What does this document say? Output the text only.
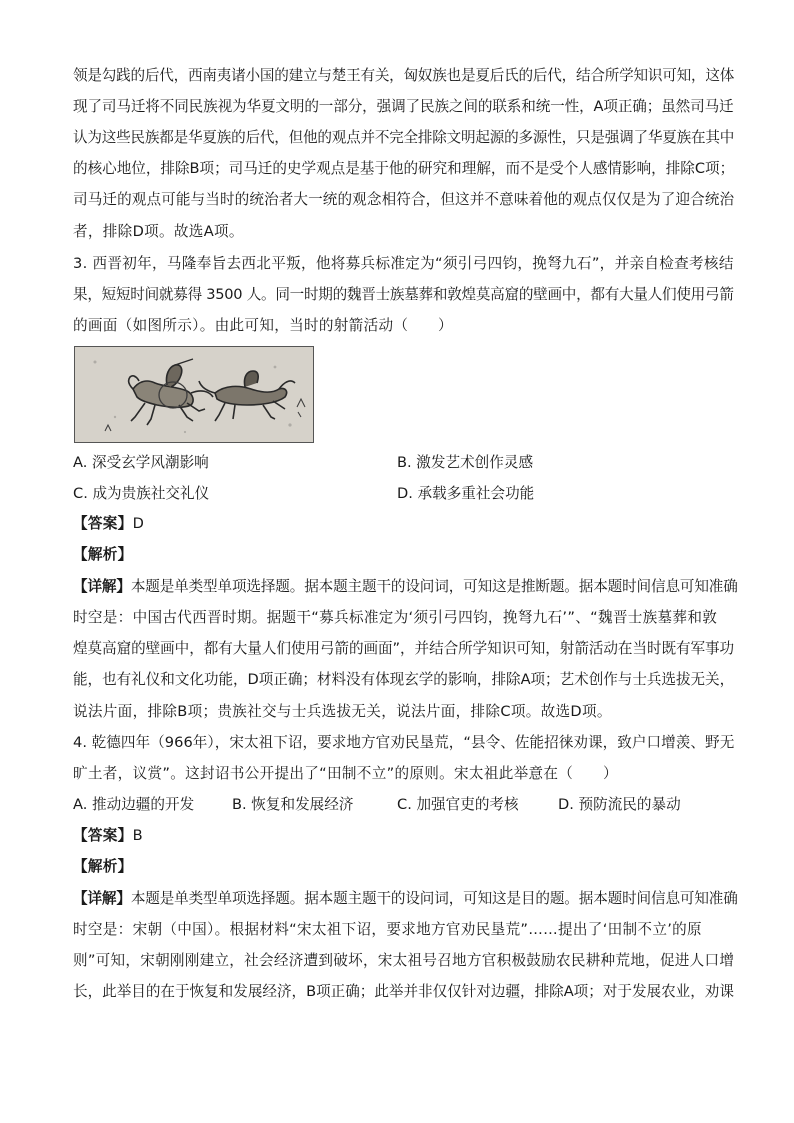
领是勾践的后代，西南夷诸小国的建立与楚王有关，匈奴族也是夏后氏的后代，结合所学知识可知，这体
现了司马迁将不同民族视为华夏文明的一部分，强调了民族之间的联系和统一性，A项正确；虽然司马迁
认为这些民族都是华夏族的后代，但他的观点并不完全排除文明起源的多源性，只是强调了华夏族在其中
的核心地位，排除B项；司马迁的史学观点是基于他的研究和理解，而不是受个人感情影响，排除C项；
司马迁的观点可能与当时的统治者大一统的观念相符合，但这并不意味着他的观点仅仅是为了迎合统治
者，排除D项。故选A项。
3. 西晋初年，马隆奉旨去西北平叛，他将募兵标准定为“须引弓四钧，挽弩九石”，并亲自检查考核结
果，短短时间就募得 3500 人。同一时期的魏晋士族墓葬和敦煌莫高窟的壁画中，都有大量人们使用弓箭
的画面（如图所示）。由此可知，当时的射箭活动（　　）
A. 深受玄学风潮影响	B. 激发艺术创作灵感
C. 成为贵族社交礼仪	D. 承载多重社会功能
【答案】D
【解析】
【详解】本题是单类型单项选择题。据本题主题干的设问词，可知这是推断题。据本题时间信息可知准确
时空是：中国古代西晋时期。据题干“募兵标准定为‘须引弓四钧，挽弩九石’”、“魏晋士族墓葬和敦
煌莫高窟的壁画中，都有大量人们使用弓箭的画面”，并结合所学知识可知，射箭活动在当时既有军事功
能，也有礼仪和文化功能，D项正确；材料没有体现玄学的影响，排除A项；艺术创作与士兵选拔无关，
说法片面，排除B项；贵族社交与士兵选拔无关，说法片面，排除C项。故选D项。
4. 乾德四年（966年），宋太祖下诏，要求地方官劝民垦荒，“县令、佐能招徕劝课，致户口增羡、野无
旷土者，议赏”。这封诏书公开提出了“田制不立”的原则。宋太祖此举意在（　　）
A. 推动边疆的开发	B. 恢复和发展经济	C. 加强官吏的考核	D. 预防流民的暴动
【答案】B
【解析】
【详解】本题是单类型单项选择题。据本题主题干的设问词，可知这是目的题。据本题时间信息可知准确
时空是：宋朝（中国）。根据材料“宋太祖下诏，要求地方官劝民垦荒”……提出了‘田制不立’的原
则”可知，宋朝刚刚建立，社会经济遭到破坏，宋太祖号召地方官积极鼓励农民耕种荒地，促进人口增
长，此举目的在于恢复和发展经济，B项正确；此举并非仅仅针对边疆，排除A项；对于发展农业，劝课
